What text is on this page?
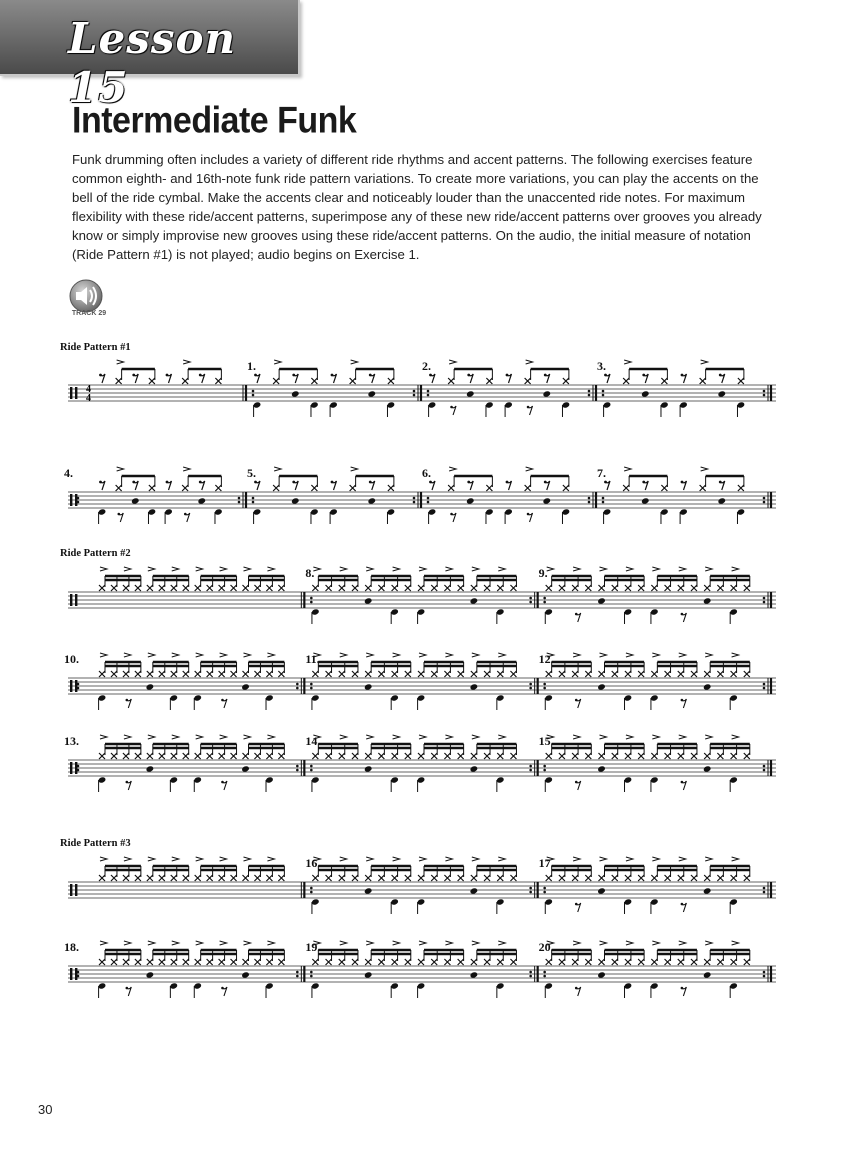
Lesson 15
Intermediate Funk

Funk drumming often includes a variety of different ride rhythms and accent patterns. The following exercises feature common eighth- and 16th-note funk ride pattern variations. To create more variations, you can play the accents on the bell of the ride cymbal. Make the accents clear and noticeably louder than the unaccented ride notes. For maximum flexibility with these ride/accent patterns, superimpose any of these new ride/accent patterns over grooves you already know or simply improvise new grooves using these ride/accent patterns. On the audio, the initial measure of notation (Ride Pattern #1) is not played; audio begins on Exercise 1.

TRACK 29
Ride Pattern #1
4
4
1.	2.	3.
4.	5.	6.	7.
Ride Pattern #2
8.	9.
10.	11.	12.
13.	14.	15.
Ride Pattern #3
16.	17.
18.	19.	20.
30
